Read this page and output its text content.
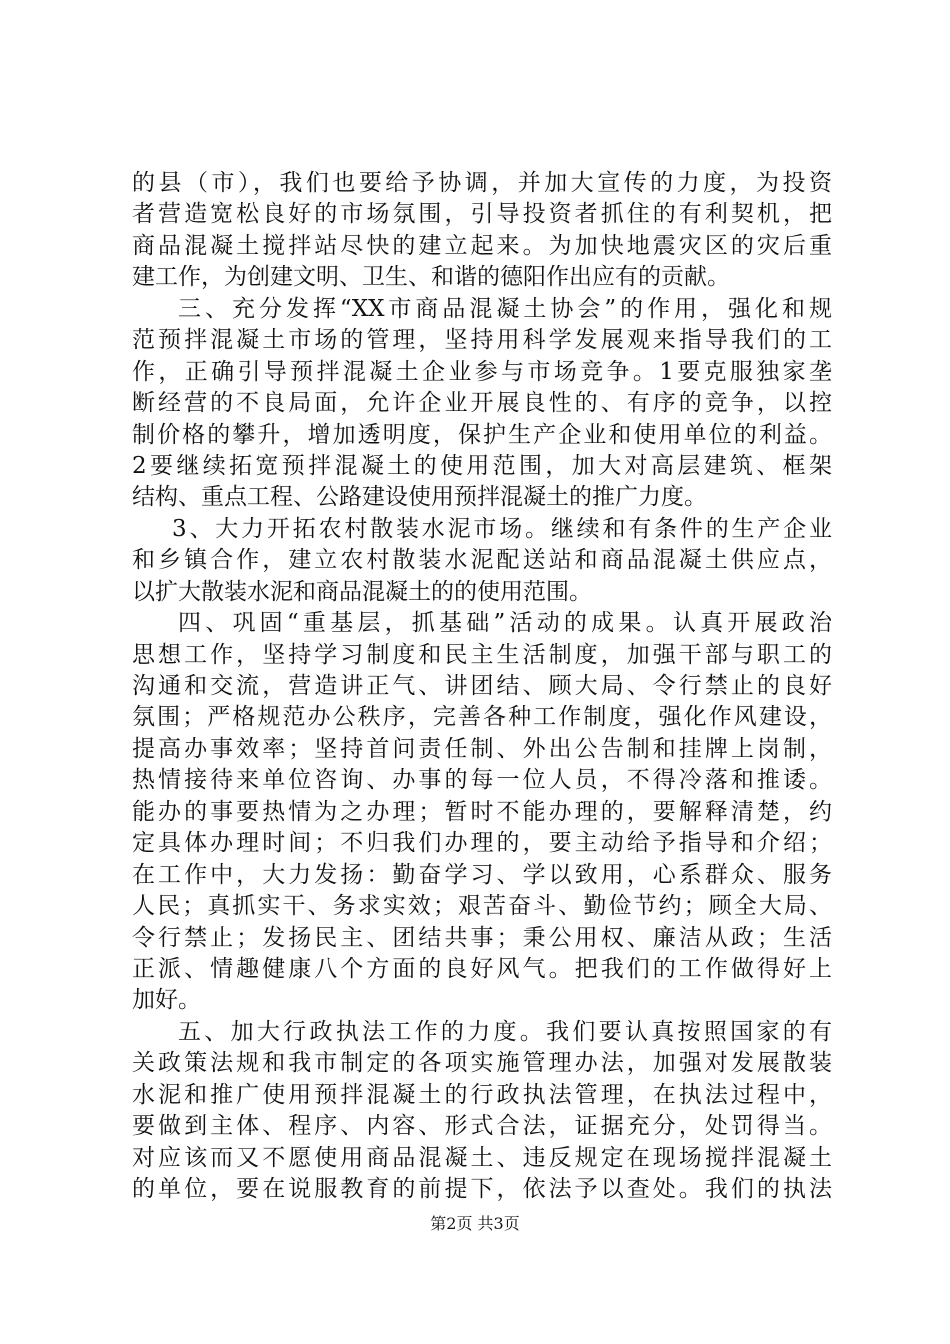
的县（市），我们也要给予协调，并加大宣传的力度，为投资
者营造宽松良好的市场氛围，引导投资者抓住的有利契机，把
商品混凝土搅拌站尽快的建立起来。为加快地震灾区的灾后重
建工作，为创建文明、卫生、和谐的德阳作出应有的贡献。
三、充分发挥“XX市商品混凝土协会”的作用，强化和规
范预拌混凝土市场的管理，坚持用科学发展观来指导我们的工
作，正确引导预拌混凝土企业参与市场竞争。1要克服独家垄
断经营的不良局面，允许企业开展良性的、有序的竞争，以控
制价格的攀升，增加透明度，保护生产企业和使用单位的利益。
2要继续拓宽预拌混凝土的使用范围，加大对高层建筑、框架
结构、重点工程、公路建设使用预拌混凝土的推广力度。
3、大力开拓农村散装水泥市场。继续和有条件的生产企业
和乡镇合作，建立农村散装水泥配送站和商品混凝土供应点，
以扩大散装水泥和商品混凝土的的使用范围。
四、巩固“重基层，抓基础”活动的成果。认真开展政治
思想工作，坚持学习制度和民主生活制度，加强干部与职工的
沟通和交流，营造讲正气、讲团结、顾大局、令行禁止的良好
氛围；严格规范办公秩序，完善各种工作制度，强化作风建设，
提高办事效率；坚持首问责任制、外出公告制和挂牌上岗制，
热情接待来单位咨询、办事的每一位人员，不得冷落和推诿。
能办的事要热情为之办理；暂时不能办理的，要解释清楚，约
定具体办理时间；不归我们办理的，要主动给予指导和介绍；
在工作中，大力发扬：勤奋学习、学以致用，心系群众、服务
人民；真抓实干、务求实效；艰苦奋斗、勤俭节约；顾全大局、
令行禁止；发扬民主、团结共事；秉公用权、廉洁从政；生活
正派、情趣健康八个方面的良好风气。把我们的工作做得好上
加好。
五、加大行政执法工作的力度。我们要认真按照国家的有
关政策法规和我市制定的各项实施管理办法，加强对发展散装
水泥和推广使用预拌混凝土的行政执法管理，在执法过程中，
要做到主体、程序、内容、形式合法，证据充分，处罚得当。
对应该而又不愿使用商品混凝土、违反规定在现场搅拌混凝土
的单位，要在说服教育的前提下，依法予以查处。我们的执法
第2页 共3页
